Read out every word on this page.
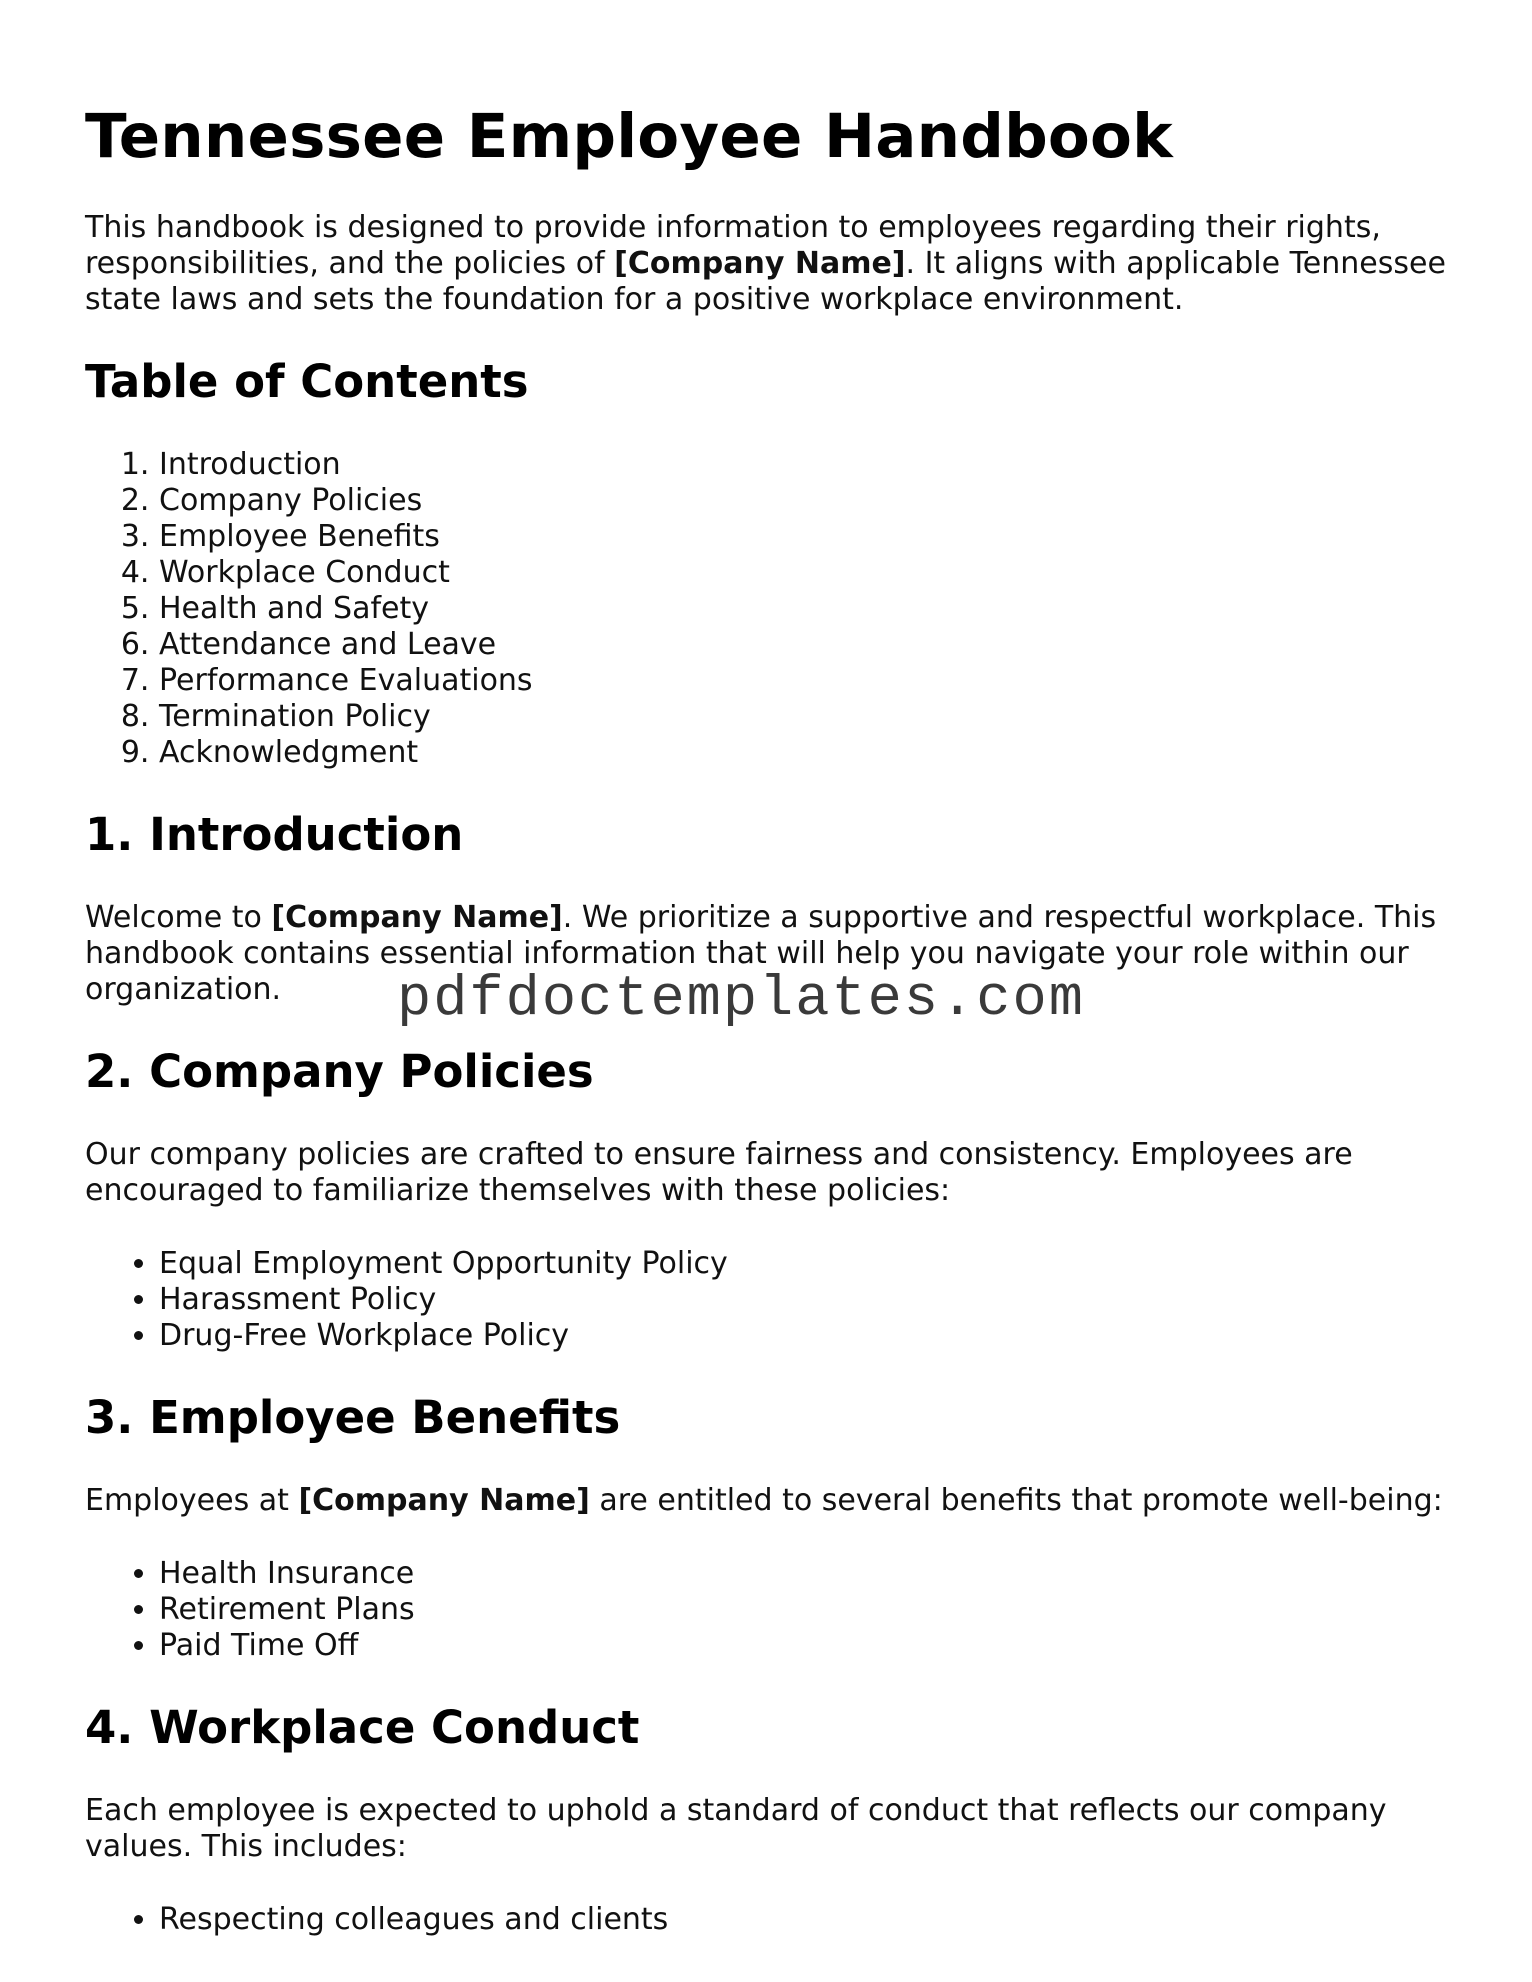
Tennessee Employee Handbook

This handbook is designed to provide information to employees regarding their rights, responsibilities, and the policies of [Company Name]. It aligns with applicable Tennessee state laws and sets the foundation for a positive workplace environment.

Table of Contents
1. Introduction
2. Company Policies
3. Employee Benefits
4. Workplace Conduct
5. Health and Safety
6. Attendance and Leave
7. Performance Evaluations
8. Termination Policy
9. Acknowledgment
1. Introduction

Welcome to [Company Name]. We prioritize a supportive and respectful workplace. This handbook contains essential information that will help you navigate your role within our organization.

2. Company Policies

Our company policies are crafted to ensure fairness and consistency. Employees are encouraged to familiarize themselves with these policies:

• Equal Employment Opportunity Policy
• Harassment Policy
• Drug-Free Workplace Policy
3. Employee Benefits

Employees at [Company Name] are entitled to several benefits that promote well-being:

• Health Insurance
• Retirement Plans
• Paid Time Off
4. Workplace Conduct

Each employee is expected to uphold a standard of conduct that reflects our company values. This includes:

• Respecting colleagues and clients
pdfdoctemplates.com
